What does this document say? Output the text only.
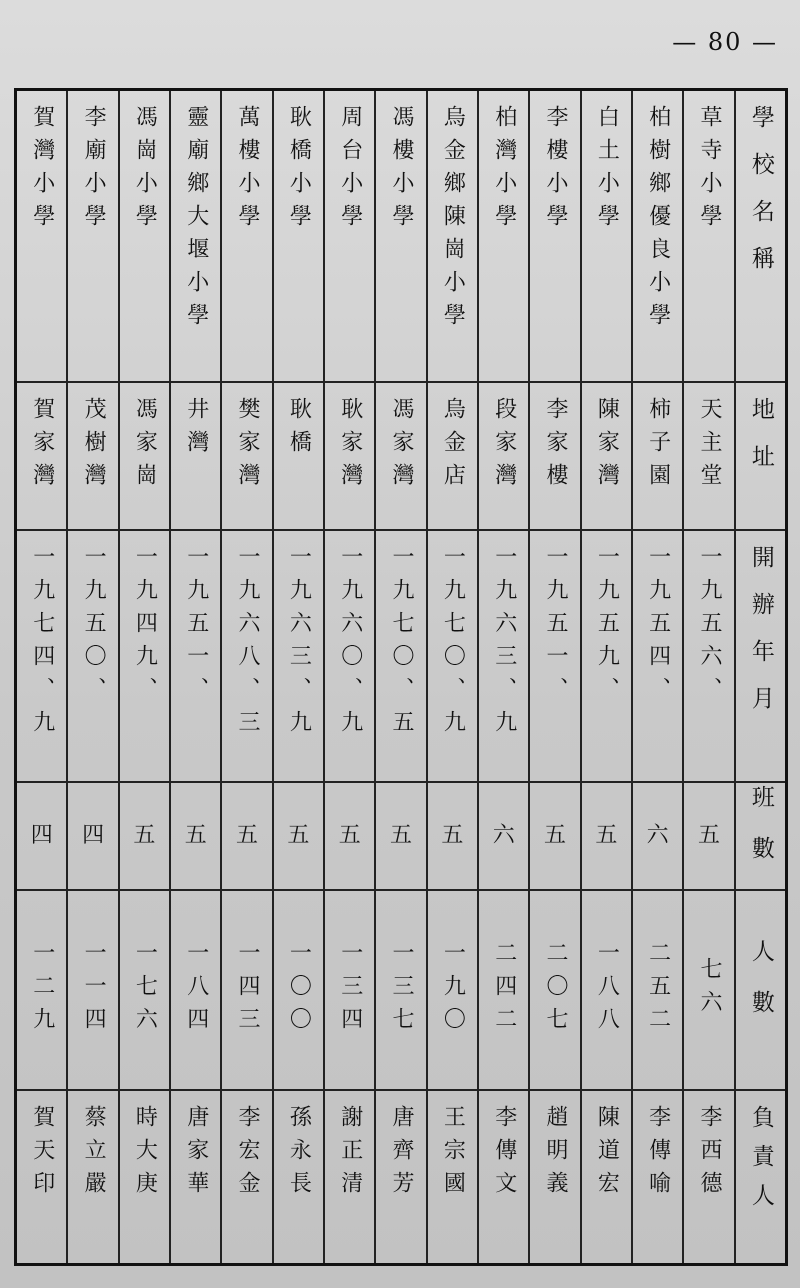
— 80 —
學校名稱
地址
開辦年月
班數
人數
負責人
草寺小學
天主堂
一九五六、
五
七六
李西德
柏樹鄉優良小學
柿子園
一九五四、
六
二五二
李傳喻
白土小學
陳家灣
一九五九、
五
一八八
陳道宏
李樓小學
李家樓
一九五一、
五
二〇七
趙明義
柏灣小學
段家灣
一九六三、九
六
二四二
李傳文
烏金鄉陳崗小學
烏金店
一九七〇、九
五
一九〇
王宗國
馮樓小學
馮家灣
一九七〇、五
五
一三七
唐齊芳
周台小學
耿家灣
一九六〇、九
五
一三四
謝正清
耿橋小學
耿橋
一九六三、九
五
一〇〇
孫永長
萬樓小學
樊家灣
一九六八、三
五
一四三
李宏金
靈廟鄉大堰小學
井灣
一九五一、
五
一八四
唐家華
馮崗小學
馮家崗
一九四九、
五
一七六
時大庚
李廟小學
茂樹灣
一九五〇、
四
一一四
蔡立嚴
賀灣小學
賀家灣
一九七四、九
四
一二九
賀天印
